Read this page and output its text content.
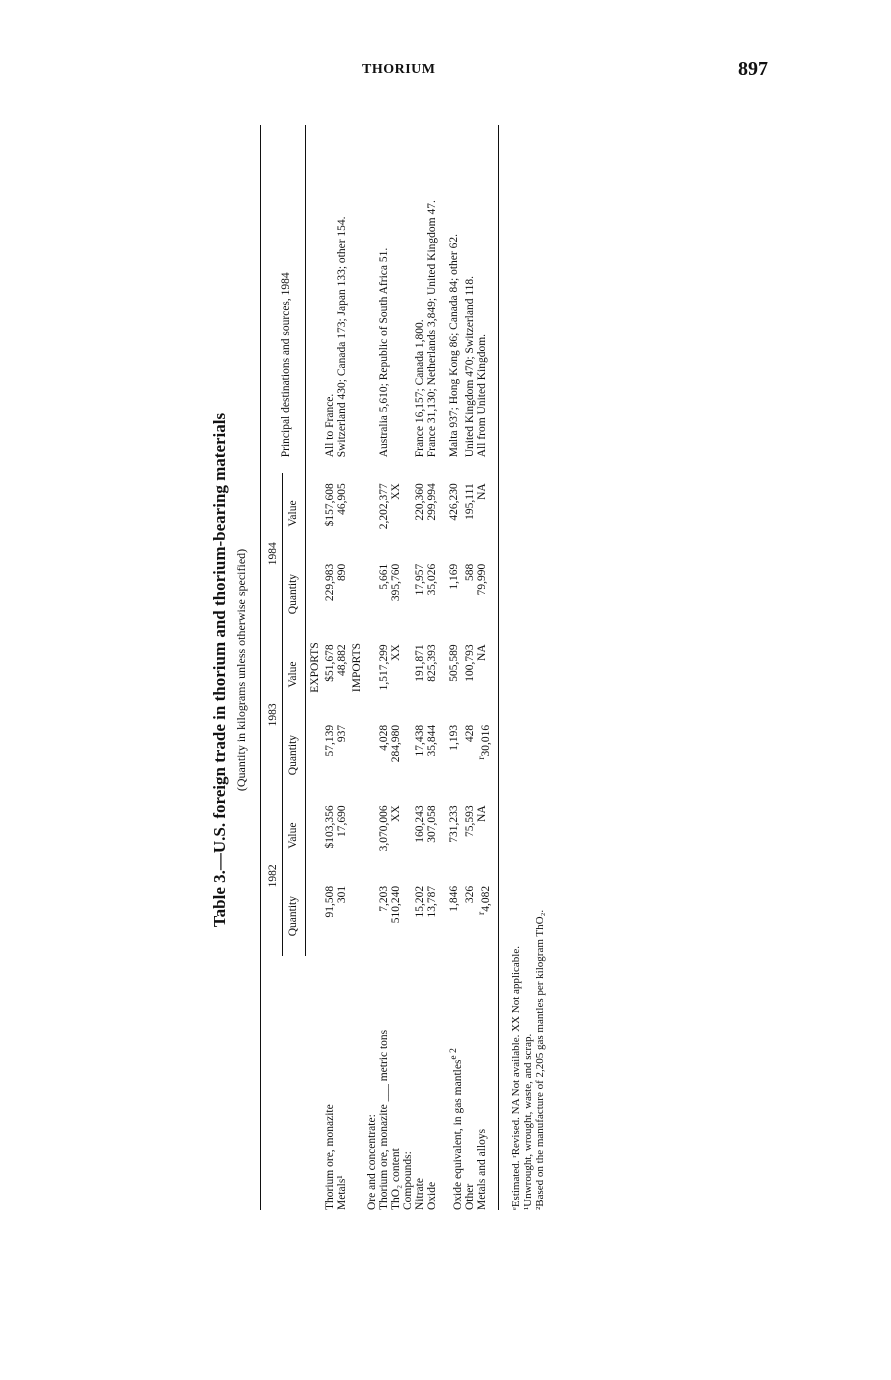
THORIUM	897
Table 3.—U.S. foreign trade in thorium and thorium-bearing materials (Quantity in kilograms unless otherwise specified)
	1982		1983		1984		Principal destinations and sources, 1984
	Quantity	Value	Quantity	Value	Quantity	Value	
EXPORTS							
Thorium ore, monazite	91,508	$103,356	57,139	$51,678	229,983	$157,608	All to France.
Metals¹	301	17,690	937	48,882	890	46,905	Switzerland 430; Canada 173; Japan 133; other 154.
IMPORTS							
Ore and concentrate:							
Thorium ore, monazite ___ metric tons	7,203	3,070,006	4,028	1,517,299	5,661	2,202,377	Australia 5,610; Republic of South Africa 51.
ThO₂ content	510,240	XX	284,980	XX	395,760	XX	
Compounds:							
Nitrate	15,202	160,243	17,438	191,871	17,957	220,360	France 16,157; Canada 1,800.
Oxide	13,787	307,058	35,844	825,393	35,026	299,994	France 31,130; Netherlands 3,849; United Kingdom 47.

Oxide equivalent, in gas mantles$^{e 2}$	1,846	731,233	1,193	505,589	1,169	426,230	Malta 937; Hong Kong 86; Canada 84; other 62.
Other	326	75,593	428	100,793	588	195,111	United Kingdom 470; Switzerland 118.
Metals and alloys	$^r$4,082	NA	$^r$30,016	NA	79,990	NA	All from United Kingdom.
ᵉEstimated. ʳRevised. NA Not available. XX Not applicable. ¹Unwrought, wrought, waste, and scrap. ²Based on the manufacture of 2,205 gas mantles per kilogram ThO₂.
